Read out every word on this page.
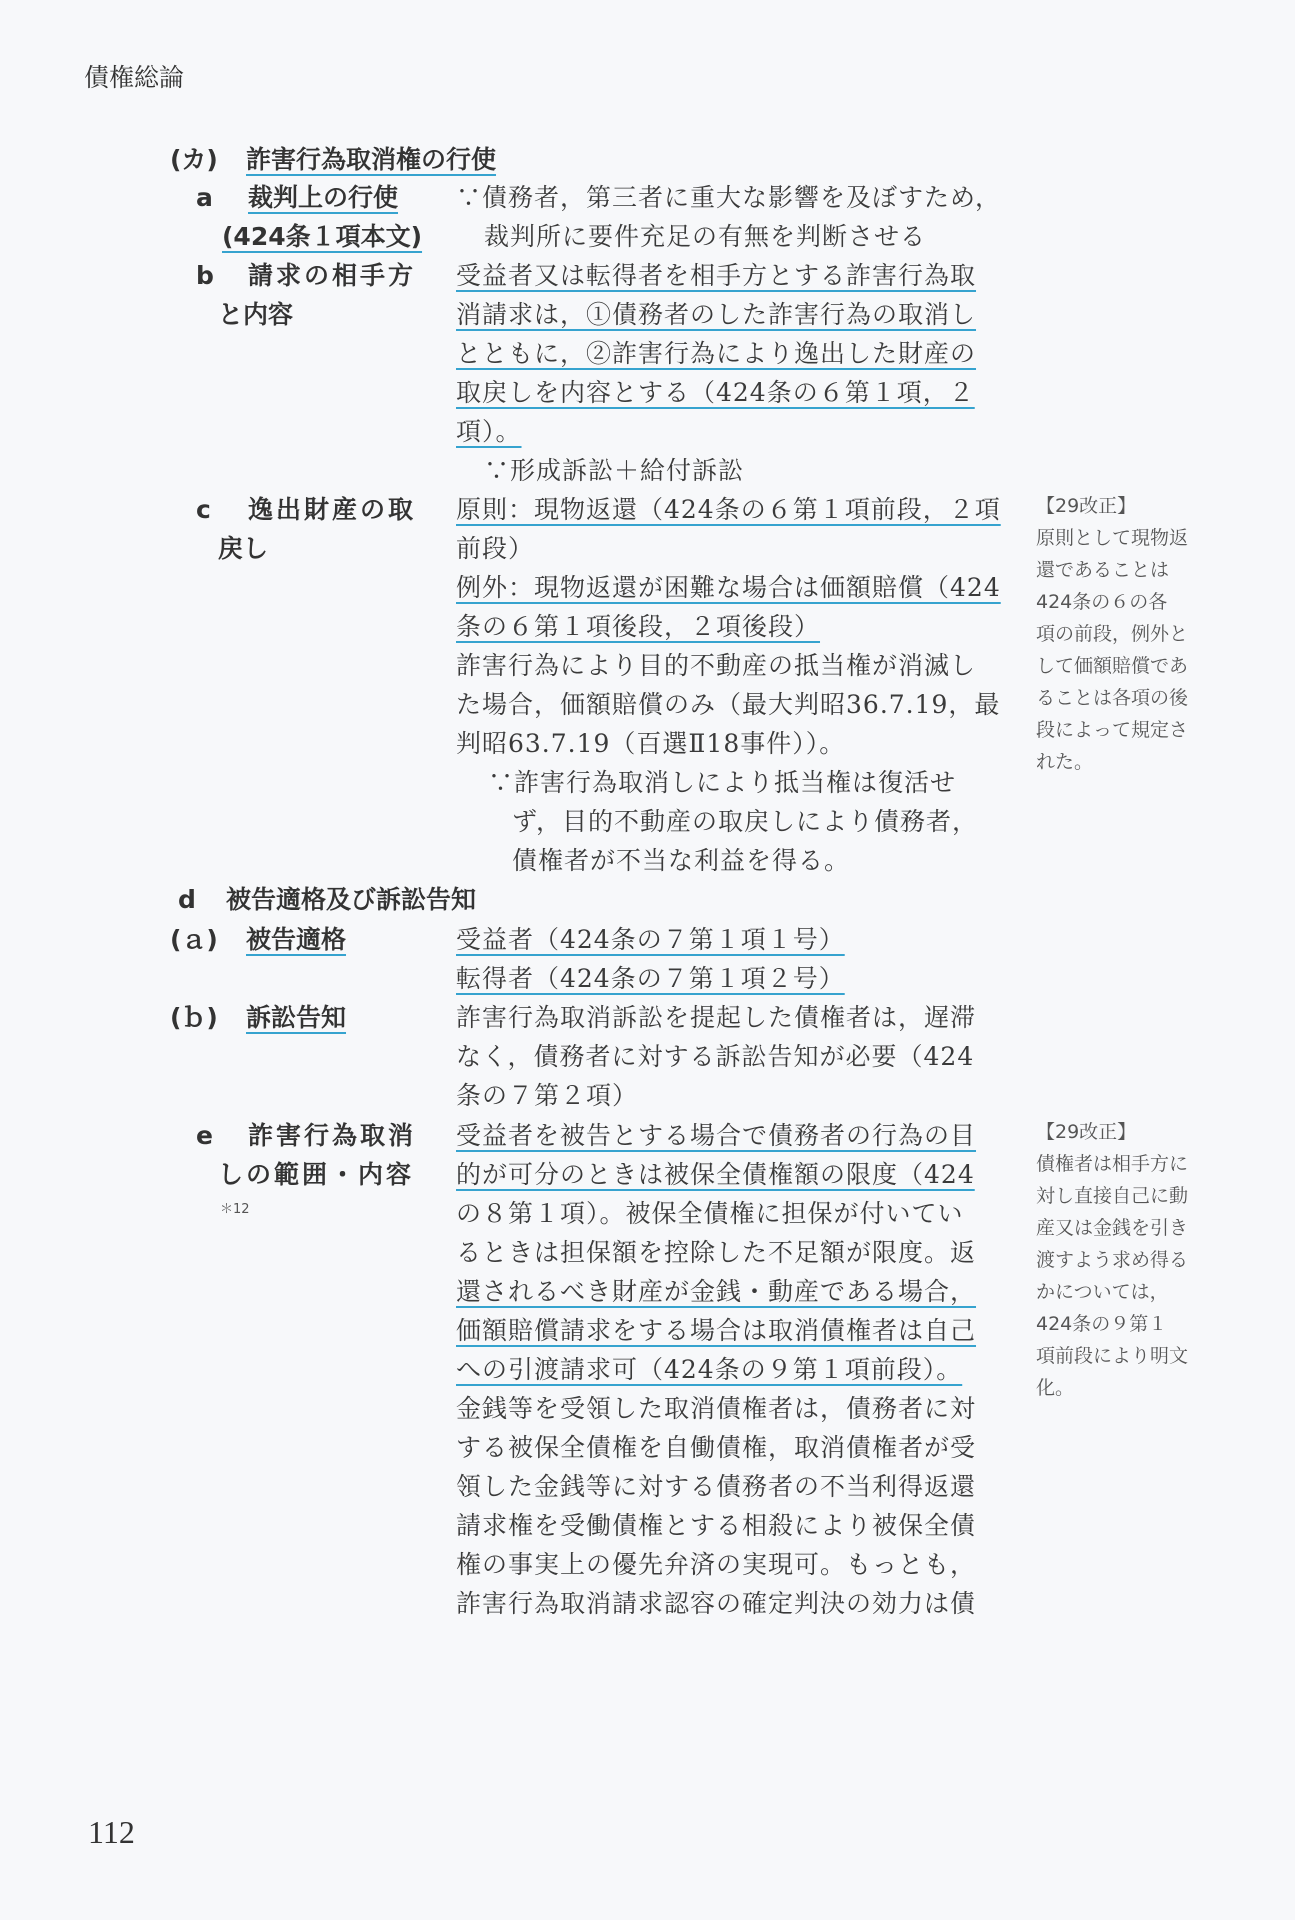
債権総論
(カ) 詐害行為取消権の行使
a 裁判上の行使
(424条１項本文)
∵債務者，第三者に重大な影響を及ぼすため，
裁判所に要件充足の有無を判断させる
b 請求の相手方
と内容

受益者又は転得者を相手方とする詐害行為取

消請求は，①債務者のした詐害行為の取消し

とともに，②詐害行為により逸出した財産の

取戻しを内容とする（424条の６第１項，２

項）。

∵形成訴訟＋給付訴訟

c 逸出財産の取
戻し

原則：現物返還（424条の６第１項前段，２項

前段）

例外：現物返還が困難な場合は価額賠償（424

条の６第１項後段，２項後段）

詐害行為により目的不動産の抵当権が消滅し

た場合，価額賠償のみ（最大判昭36.7.19，最

判昭63.7.19（百選Ⅱ18事件））。

∵詐害行為取消しにより抵当権は復活せ

ず，目的不動産の取戻しにより債務者，

債権者が不当な利益を得る。

【29改正】

原則として現物返

還であることは

424条の６の各

項の前段，例外と

して価額賠償であ

ることは各項の後

段によって規定さ

れた。

d 被告適格及び訴訟告知
(ａ) 被告適格	受益者（424条の７第１項１号）

転得者（424条の７第１項２号）

(ｂ) 訴訟告知	詐害行為取消訴訟を提起した債権者は，遅滞

なく，債務者に対する訴訟告知が必要（424

条の７第２項）

e 詐害行為取消
しの範囲・内容
＊12

受益者を被告とする場合で債務者の行為の目

的が可分のときは被保全債権額の限度（424

の８第１項）。被保全債権に担保が付いてい

るときは担保額を控除した不足額が限度。返

還されるべき財産が金銭・動産である場合，

価額賠償請求をする場合は取消債権者は自己

への引渡請求可（424条の９第１項前段）。

金銭等を受領した取消債権者は，債務者に対

する被保全債権を自働債権，取消債権者が受

領した金銭等に対する債務者の不当利得返還

請求権を受働債権とする相殺により被保全債

権の事実上の優先弁済の実現可。もっとも，

詐害行為取消請求認容の確定判決の効力は債

【29改正】

債権者は相手方に

対し直接自己に動

産又は金銭を引き

渡すよう求め得る

かについては，

424条の９第１

項前段により明文

化。

112
